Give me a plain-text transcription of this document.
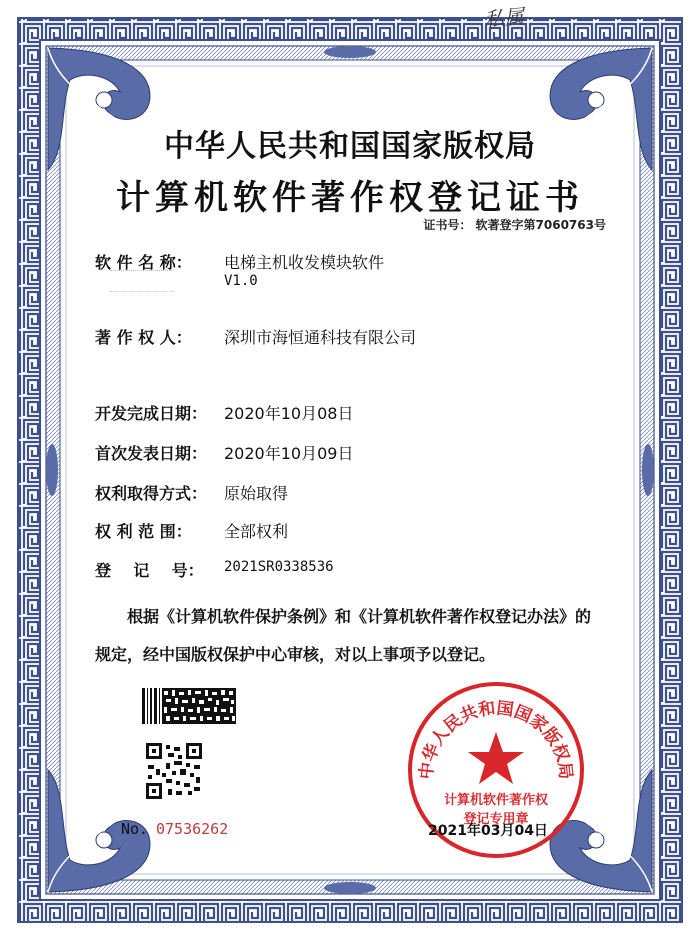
私属
中华人民共和国国家版权局
计算机软件著作权登记证书
证书号： 软著登字第7060763号
软 件 名 称： 电梯主机收发模块软件
V1.0
著 作 权 人： 深圳市海恒通科技有限公司
开发完成日期： 2020年10月08日
首次发表日期： 2020年10月09日
权利取得方式： 原始取得
权 利 范 围： 全部权利
登    记    号： 2021SR0338536
根据《计算机软件保护条例》和《计算机软件著作权登记办法》的
规定，经中国版权保护中心审核，对以上事项予以登记。
No. 07536262
中华人民共和国国家版权局
计算机软件著作权
登记专用章
2021年03月04日
